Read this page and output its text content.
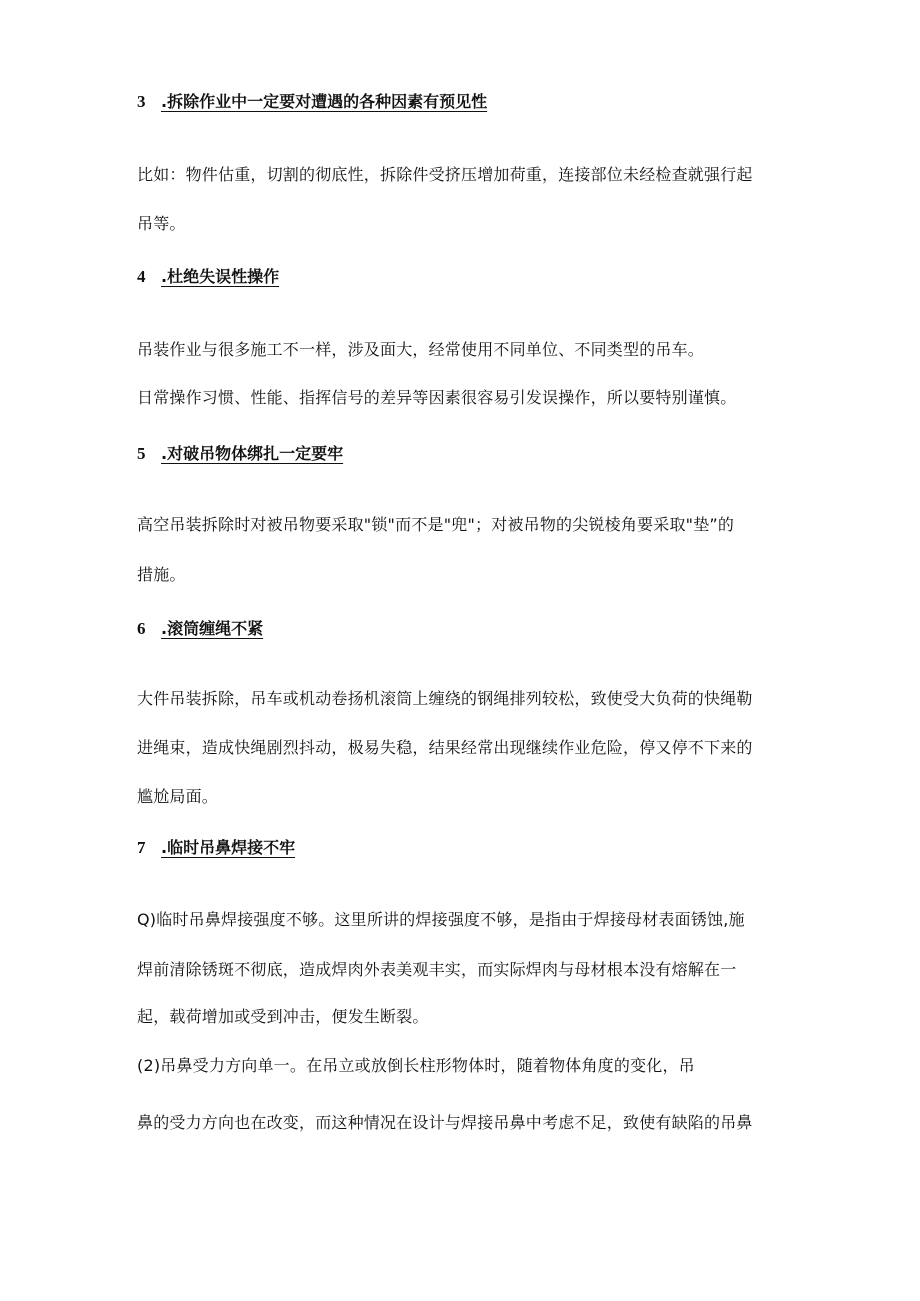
3 .拆除作业中一定要对遭遇的各种因素有预见性
比如：物件估重，切割的彻底性，拆除件受挤压增加荷重，连接部位未经检查就强行起
吊等。
4 .杜绝失误性操作
吊装作业与很多施工不一样，涉及面大，经常使用不同单位、不同类型的吊车。
日常操作习惯、性能、指挥信号的差异等因素很容易引发误操作，所以要特别谨慎。
5 .对破吊物体绑扎一定要牢
高空吊装拆除时对被吊物要采取"锁"而不是"兜"；对被吊物的尖锐棱角要采取"垫”的
措施。
6 .滚筒缠绳不紧
大件吊装拆除，吊车或机动卷扬机滚筒上缠绕的钢绳排列较松，致使受大负荷的快绳勒
进绳束，造成快绳剧烈抖动，极易失稳，结果经常出现继续作业危险，停又停不下来的
尴尬局面。
7 .临时吊鼻焊接不牢
Q)临时吊鼻焊接强度不够。这里所讲的焊接强度不够，是指由于焊接母材表面锈蚀,施
焊前清除锈斑不彻底，造成焊肉外表美观丰实，而实际焊肉与母材根本没有熔解在一
起，载荷增加或受到冲击，便发生断裂。
(2)吊鼻受力方向单一。在吊立或放倒长柱形物体时，随着物体角度的变化，吊
鼻的受力方向也在改变，而这种情况在设计与焊接吊鼻中考虑不足，致使有缺陷的吊鼻
